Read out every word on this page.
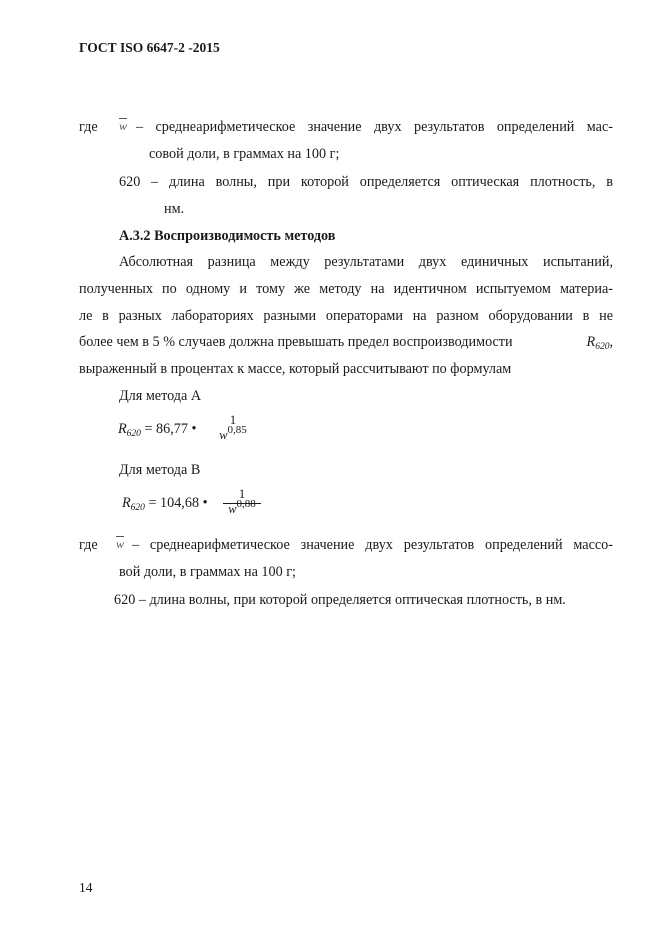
ГОСТ ISO 6647-2 -2015
где $\overline{w}$ – среднеарифметическое значение двух результатов определений мас-
совой доли, в граммах на 100 г;
620 – длина волны, при которой определяется оптическая плотность, в
нм.
А.3.2 Воспроизводимость методов
Абсолютная разница между результатами двух единичных испытаний,
полученных по одному и тому же методу на идентичном испытуемом материа-
ле в разных лабораториях разными операторами на разном оборудовании в не
более чем в 5 % случаев должна превышать предел воспроизводимости	$R_{620}$,
выраженный в процентах к массе, который рассчитывают по формулам
Для метода А
$R_{620} = 86,77$ •
1
w0,85
Для метода В
$R_{620} = 104,68$ •
1
w0,88
где $\overline{w}$ – среднеарифметическое значение двух результатов определений массо-
вой доли, в граммах на 100 г;
620 – длина волны, при которой определяется оптическая плотность, в нм.
14
